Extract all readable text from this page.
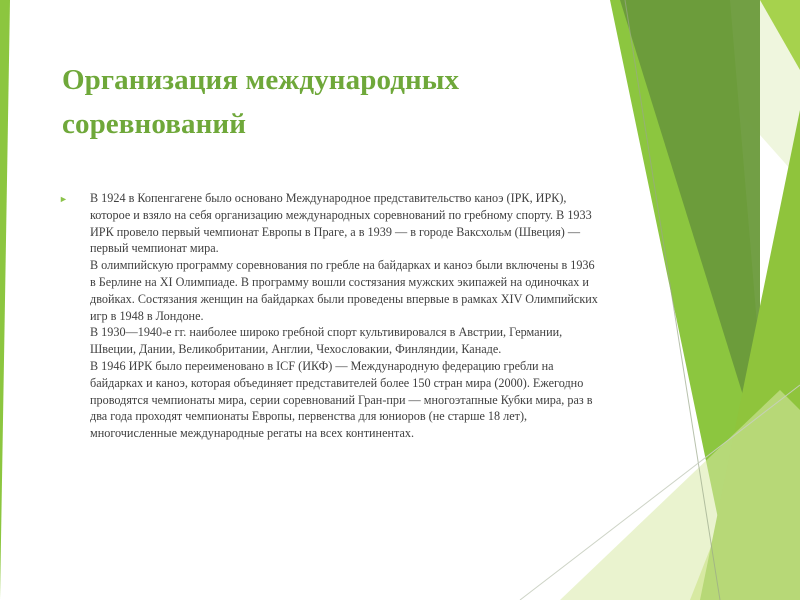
Организация международных
соревнований
► В 1924 в Копенгагене было основано Международное представительство каноэ (IРК, ИРК), которое и взяло на себя организацию международных соревнований по гребному спорту. В 1933 ИРК провело первый чемпионат Европы в Праге, а в 1939 — в городе Ваксхольм (Швеция) — первый чемпионат мира.

В олимпийскую программу соревнования по гребле на байдарках и каноэ были включены в 1936 в Берлине на XI Олимпиаде. В программу вошли состязания мужских экипажей на одиночках и двойках. Состязания женщин на байдарках были проведены впервые в рамках XIV Олимпийских игр в 1948 в Лондоне.

В 1930—1940-е гг. наиболее широко гребной спорт культивировался в Австрии, Германии, Швеции, Дании, Великобритании, Англии, Чехословакии, Финляндии, Канаде.

В 1946 ИРК было переименовано в ICF (ИКФ) — Международную федерацию гребли на байдарках и каноэ, которая объединяет представителей более 150 стран мира (2000). Ежегодно проводятся чемпионаты мира, серии соревнований Гран-при — многоэтапные Кубки мира, раз в два года проходят чемпионаты Европы, первенства для юниоров (не старше 18 лет), многочисленные международные регаты на всех континентах.
